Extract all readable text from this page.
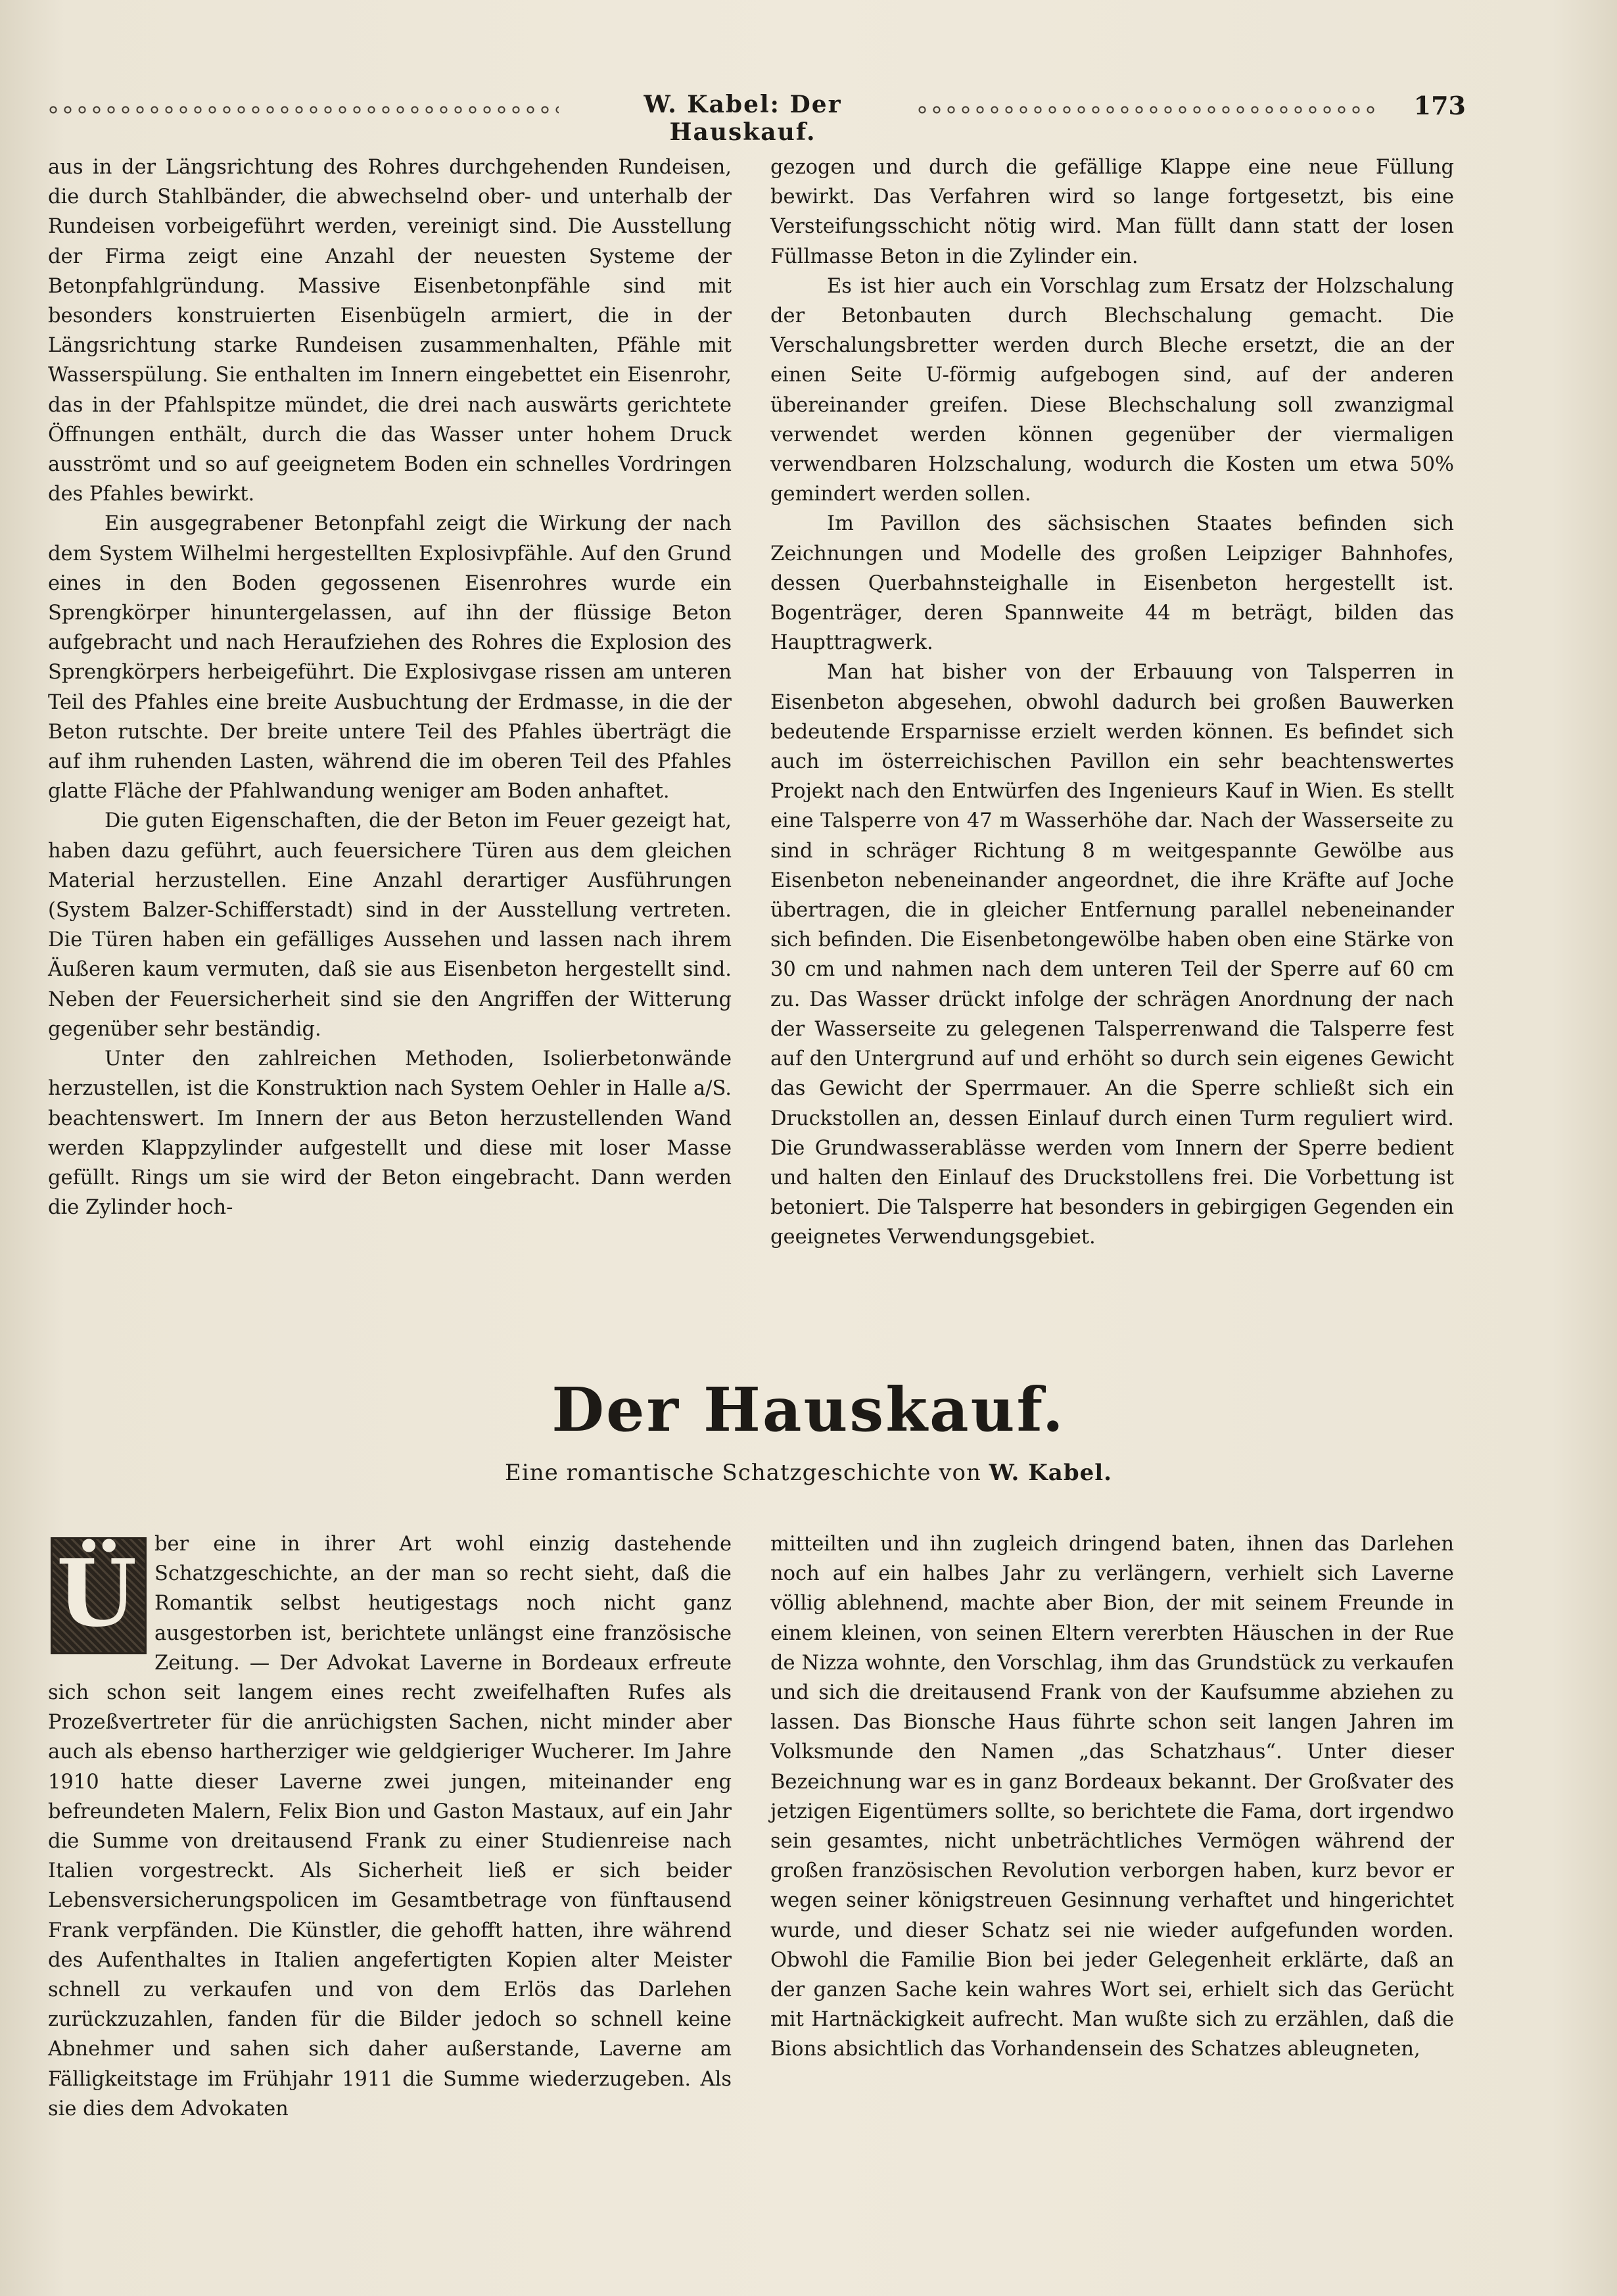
W. Kabel: Der Hauskauf.
173

aus in der Längsrichtung des Rohres durchgehenden Rundeisen, die durch Stahlbänder, die abwechselnd ober- und unterhalb der Rundeisen vorbeigeführt werden, vereinigt sind. Die Ausstellung der Firma zeigt eine Anzahl der neuesten Systeme der Betonpfahlgründung. Massive Eisenbetonpfähle sind mit besonders konstruierten Eisenbügeln armiert, die in der Längsrichtung starke Rundeisen zusammenhalten, Pfähle mit Wasserspülung. Sie enthalten im Innern eingebettet ein Eisenrohr, das in der Pfahlspitze mündet, die drei nach auswärts gerichtete Öffnungen enthält, durch die das Wasser unter hohem Druck ausströmt und so auf geeignetem Boden ein schnelles Vordringen des Pfahles bewirkt.

Ein ausgegrabener Betonpfahl zeigt die Wirkung der nach dem System Wilhelmi hergestellten Explosivpfähle. Auf den Grund eines in den Boden gegossenen Eisenrohres wurde ein Sprengkörper hinuntergelassen, auf ihn der flüssige Beton aufgebracht und nach Heraufziehen des Rohres die Explosion des Sprengkörpers herbeigeführt. Die Explosivgase rissen am unteren Teil des Pfahles eine breite Ausbuchtung der Erdmasse, in die der Beton rutschte. Der breite untere Teil des Pfahles überträgt die auf ihm ruhenden Lasten, während die im oberen Teil des Pfahles glatte Fläche der Pfahlwandung weniger am Boden anhaftet.

Die guten Eigenschaften, die der Beton im Feuer gezeigt hat, haben dazu geführt, auch feuersichere Türen aus dem gleichen Material herzustellen. Eine Anzahl derartiger Ausführungen (System Balzer-Schifferstadt) sind in der Ausstellung vertreten. Die Türen haben ein gefälliges Aussehen und lassen nach ihrem Äußeren kaum vermuten, daß sie aus Eisenbeton hergestellt sind. Neben der Feuersicherheit sind sie den Angriffen der Witterung gegenüber sehr beständig.

Unter den zahlreichen Methoden, Isolierbetonwände herzustellen, ist die Konstruktion nach System Oehler in Halle a/S. beachtenswert. Im Innern der aus Beton herzustellenden Wand werden Klappzylinder aufgestellt und diese mit loser Masse gefüllt. Rings um sie wird der Beton eingebracht. Dann werden die Zylinder hoch-

gezogen und durch die gefällige Klappe eine neue Füllung bewirkt. Das Verfahren wird so lange fortgesetzt, bis eine Versteifungsschicht nötig wird. Man füllt dann statt der losen Füllmasse Beton in die Zylinder ein.

Es ist hier auch ein Vorschlag zum Ersatz der Holzschalung der Betonbauten durch Blechschalung gemacht. Die Verschalungsbretter werden durch Bleche ersetzt, die an der einen Seite U-förmig aufgebogen sind, auf der anderen übereinander greifen. Diese Blechschalung soll zwanzigmal verwendet werden können gegenüber der viermaligen verwendbaren Holzschalung, wodurch die Kosten um etwa 50% gemindert werden sollen.

Im Pavillon des sächsischen Staates befinden sich Zeichnungen und Modelle des großen Leipziger Bahnhofes, dessen Querbahnsteighalle in Eisenbeton hergestellt ist. Bogenträger, deren Spannweite 44 m beträgt, bilden das Haupttragwerk.

Man hat bisher von der Erbauung von Talsperren in Eisenbeton abgesehen, obwohl dadurch bei großen Bauwerken bedeutende Ersparnisse erzielt werden können. Es befindet sich auch im österreichischen Pavillon ein sehr beachtenswertes Projekt nach den Entwürfen des Ingenieurs Kauf in Wien. Es stellt eine Talsperre von 47 m Wasserhöhe dar. Nach der Wasserseite zu sind in schräger Richtung 8 m weitgespannte Gewölbe aus Eisenbeton nebeneinander angeordnet, die ihre Kräfte auf Joche übertragen, die in gleicher Entfernung parallel nebeneinander sich befinden. Die Eisenbetongewölbe haben oben eine Stärke von 30 cm und nahmen nach dem unteren Teil der Sperre auf 60 cm zu. Das Wasser drückt infolge der schrägen Anordnung der nach der Wasserseite zu gelegenen Talsperrenwand die Talsperre fest auf den Untergrund auf und erhöht so durch sein eigenes Gewicht das Gewicht der Sperrmauer. An die Sperre schließt sich ein Druckstollen an, dessen Einlauf durch einen Turm reguliert wird. Die Grundwasserablässe werden vom Innern der Sperre bedient und halten den Einlauf des Druckstollens frei. Die Vorbettung ist betoniert. Die Talsperre hat besonders in gebirgigen Gegenden ein geeignetes Verwendungsgebiet.

Der Hauskauf.
Eine romantische Schatzgeschichte von W. Kabel.
Ü ber eine in ihrer Art wohl einzig dastehende Schatzgeschichte, an der man so recht sieht, daß die Romantik selbst heutigestags noch nicht ganz ausgestorben ist, berichtete unlängst eine französische Zeitung. — Der Advokat Laverne in Bordeaux erfreute sich schon seit langem eines recht zweifelhaften Rufes als Prozeßvertreter für die anrüchigsten Sachen, nicht minder aber auch als ebenso hartherziger wie geldgieriger Wucherer. Im Jahre 1910 hatte dieser Laverne zwei jungen, miteinander eng befreundeten Malern, Felix Bion und Gaston Mastaux, auf ein Jahr die Summe von dreitausend Frank zu einer Studienreise nach Italien vorgestreckt. Als Sicherheit ließ er sich beider Lebensversicherungspolicen im Gesamtbetrage von fünftausend Frank verpfänden. Die Künstler, die gehofft hatten, ihre während des Aufenthaltes in Italien angefertigten Kopien alter Meister schnell zu verkaufen und von dem Erlös das Darlehen zurückzuzahlen, fanden für die Bilder jedoch so schnell keine Abnehmer und sahen sich daher außerstande, Laverne am Fälligkeitstage im Frühjahr 1911 die Summe wiederzugeben. Als sie dies dem Advokaten

mitteilten und ihn zugleich dringend baten, ihnen das Darlehen noch auf ein halbes Jahr zu verlängern, verhielt sich Laverne völlig ablehnend, machte aber Bion, der mit seinem Freunde in einem kleinen, von seinen Eltern vererbten Häuschen in der Rue de Nizza wohnte, den Vorschlag, ihm das Grundstück zu verkaufen und sich die dreitausend Frank von der Kaufsumme abziehen zu lassen. Das Bionsche Haus führte schon seit langen Jahren im Volksmunde den Namen „das Schatzhaus“. Unter dieser Bezeichnung war es in ganz Bordeaux bekannt. Der Großvater des jetzigen Eigentümers sollte, so berichtete die Fama, dort irgendwo sein gesamtes, nicht unbeträchtliches Vermögen während der großen französischen Revolution verborgen haben, kurz bevor er wegen seiner königstreuen Gesinnung verhaftet und hingerichtet wurde, und dieser Schatz sei nie wieder aufgefunden worden. Obwohl die Familie Bion bei jeder Gelegenheit erklärte, daß an der ganzen Sache kein wahres Wort sei, erhielt sich das Gerücht mit Hartnäckigkeit aufrecht. Man wußte sich zu erzählen, daß die Bions absichtlich das Vorhandensein des Schatzes ableugneten,
